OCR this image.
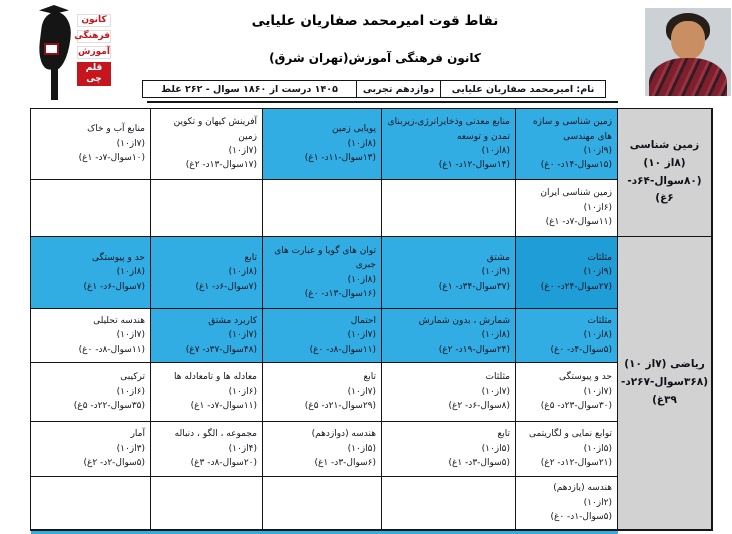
کانون
فرهنگی
آموزش
قلم چی
نقاط قوت امیرمحمد صفاریان علیایی
کانون فرهنگی آموزش(تهران شرق)
۱۴۰۵ درست از ۱۸۶۰ سوال - ۲۶۲ غلط	دوازدهم تجربی	نام: امیرمحمد صفاریان علیایی
زمین شناسی (۸از ۱۰)
(۸۰سوال-۶۴د- ۶غ)
ریاضی (۷از ۱۰)
(۳۶۸سوال-۲۶۷د-
۳۹غ)
منابع آب و خاک
(۷از۱۰)
(۱۰سوال-۷د- ۱غ)
آفرینش کیهان و تکوین زمین
(۷از۱۰)
(۱۷سوال-۱۳د- ۲غ)
پویایی زمین
(۸از۱۰)
(۱۳سوال-۱۱د- ۱غ)
منابع معدنی وذخایرانرژی،زیربنای تمدن و توسعه
(۸از۱۰)
(۱۴سوال-۱۲د- ۱غ)
زمین شناسی و سازه های مهندسی
(۹از۱۰)
(۱۵سوال-۱۴د- ۰غ)
زمین شناسی ایران
(۶از۱۰)
(۱۱سوال-۷د- ۱غ)
حد و پیوستگی
(۸از۱۰)
(۷سوال-۶د- ۱غ)
تابع
(۸از۱۰)
(۷سوال-۶د- ۱غ)
توان های گویا و عبارت های جبری
(۸از۱۰)
(۱۶سوال-۱۳د- ۰غ)
مشتق
(۹از۱۰)
(۳۷سوال-۳۴د- ۱غ)
مثلثات
(۹از۱۰)
(۲۷سوال-۲۴د- ۰غ)
هندسه تحلیلی
(۷از۱۰)
(۱۱سوال-۸د- ۰غ)
کاربرد مشتق
(۷از۱۰)
(۴۸سوال-۳۷د- ۷غ)
احتمال
(۷از۱۰)
(۱۱سوال-۸د- ۰غ)
شمارش ، بدون شمارش
(۸از۱۰)
(۲۴سوال-۱۹د- ۲غ)
مثلثات
(۸از۱۰)
(۵سوال-۴د- ۰غ)
ترکیبی
(۶از۱۰)
(۳۵سوال-۲۲د- ۵غ)
معادله ها و تامعادله ها
(۶از۱۰)
(۱۱سوال-۷د- ۱غ)
تابع
(۷از۱۰)
(۲۹سوال-۲۱د- ۵غ)
مثلثات
(۷از۱۰)
(۸سوال-۶د- ۲غ)
حد و پیوستگی
(۷از۱۰)
(۳۰سوال-۲۳د- ۵غ)
آمار
(۳از۱۰)
(۵سوال-۲د- ۲غ)
مجموعه ، الگو ، دنباله
(۴از۱۰)
(۲۰سوال-۸د- ۳غ)
هندسه (دوازدهم)
(۵از۱۰)
(۶سوال-۳د- ۱غ)
تابع
(۵از۱۰)
(۵سوال-۳د- ۱غ)
توابع نمایی و لگاریتمی
(۵از۱۰)
(۲۱سوال-۱۲د- ۲غ)
هندسه (یازدهم)
(۲از۱۰)
(۵سوال-۱د- ۰غ)
